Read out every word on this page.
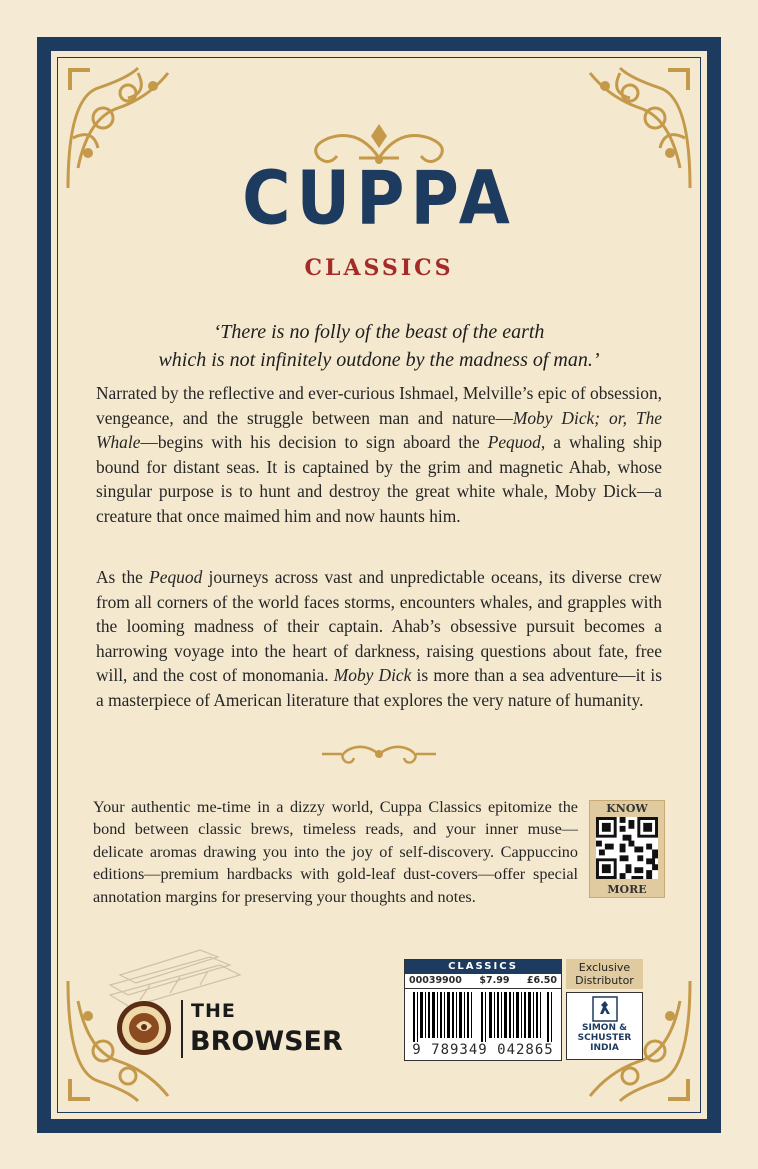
CUPPA
CLASSICS
‘There is no folly of the beast of the earth
which is not infinitely outdone by the madness of man.’
Narrated by the reflective and ever-curious Ishmael, Melville’s epic of obsession, vengeance, and the struggle between man and nature—Moby Dick; or, The Whale—begins with his decision to sign aboard the Pequod, a whaling ship bound for distant seas. It is captained by the grim and magnetic Ahab, whose singular purpose is to hunt and destroy the great white whale, Moby Dick—a creature that once maimed him and now haunts him.
As the Pequod journeys across vast and unpredictable oceans, its diverse crew from all corners of the world faces storms, encounters whales, and grapples with the looming madness of their captain. Ahab’s obsessive pursuit becomes a harrowing voyage into the heart of darkness, raising questions about fate, free will, and the cost of monomania. Moby Dick is more than a sea adventure—it is a masterpiece of American literature that explores the very nature of humanity.
Your authentic me-time in a dizzy world, Cuppa Classics epitomize the bond between classic brews, timeless reads, and your inner muse—delicate aromas drawing you into the joy of self-discovery. Cappuccino editions—premium hardbacks with gold-leaf dust-covers—offer special annotation margins for preserving your thoughts and notes.
KNOW
MORE
THE
BROWSER
CLASSICS
00039900 $7.99 £6.50
9 789349 042865
Exclusive
Distributor
SIMON &
SCHUSTER
INDIA
